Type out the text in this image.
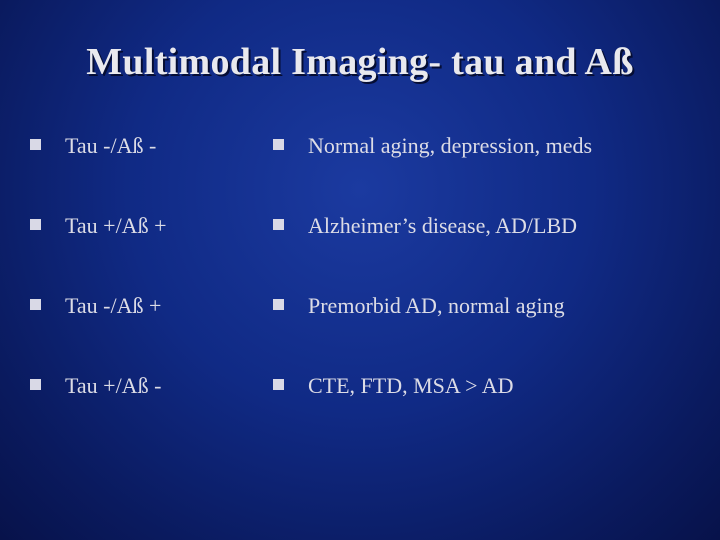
Multimodal Imaging- tau and Aß
Tau -/Aß -
Tau +/Aß +
Tau -/Aß +
Tau +/Aß -
Normal aging, depression, meds
Alzheimer’s disease, AD/LBD
Premorbid AD, normal aging
CTE, FTD, MSA > AD
